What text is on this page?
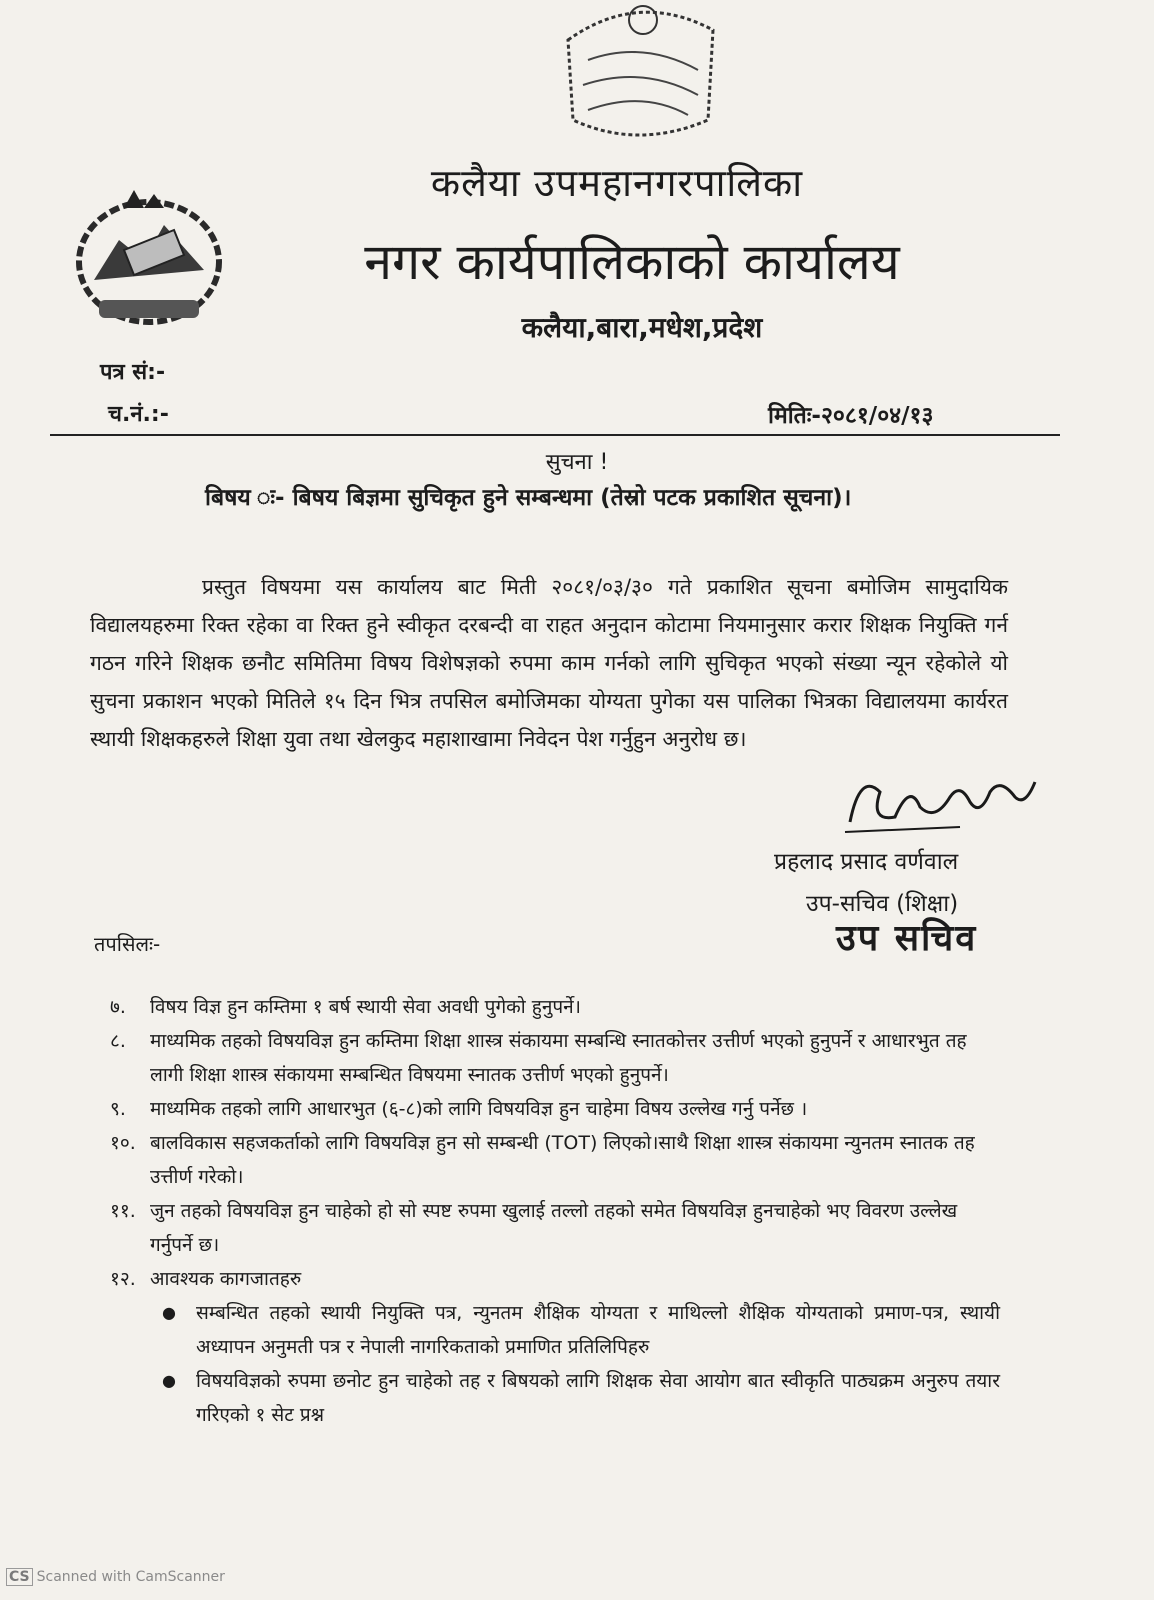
कलैया उपमहानगरपालिका
नगर कार्यपालिकाको कार्यालय
कलैया,बारा,मधेश,प्रदेश
पत्र सं:-
च.नं.:-	मितिः-२०८१/०४/१३
सुचना !
बिषय ः- बिषय बिज्ञमा सुचिकृत हुने सम्बन्धमा (तेस्रो पटक प्रकाशित सूचना)।
प्रस्तुत विषयमा यस कार्यालय बाट मिती २०८१/०३/३० गते प्रकाशित सूचना बमोजिम सामुदायिक विद्यालयहरुमा रिक्त रहेका वा रिक्त हुने स्वीकृत दरबन्दी वा राहत अनुदान कोटामा नियमानुसार करार शिक्षक नियुक्ति गर्न गठन गरिने शिक्षक छनौट समितिमा विषय विशेषज्ञको रुपमा काम गर्नको लागि सुचिकृत भएको संख्या न्यून रहेकोले यो सुचना प्रकाशन भएको मितिले १५ दिन भित्र तपसिल बमोजिमका योग्यता पुगेका यस पालिका भित्रका विद्यालयमा कार्यरत स्थायी शिक्षकहरुले शिक्षा युवा तथा खेलकुद महाशाखामा निवेदन पेश गर्नुहुन अनुरोध छ।
प्रहलाद प्रसाद वर्णवाल
उप-सचिव (शिक्षा)
उप सचिव
तपसिलः-
७.	विषय विज्ञ हुन कम्तिमा १ बर्ष स्थायी सेवा अवधी पुगेको हुनुपर्ने।
८.	माध्यमिक तहको विषयविज्ञ हुन कम्तिमा शिक्षा शास्त्र संकायमा सम्बन्धि स्नातकोत्तर उत्तीर्ण भएको हुनुपर्ने र आधारभुत तह लागी शिक्षा शास्त्र संकायमा सम्बन्धित विषयमा स्नातक उत्तीर्ण भएको हुनुपर्ने।
९.	माध्यमिक तहको लागि आधारभुत (६-८)को लागि विषयविज्ञ हुन चाहेमा विषय उल्लेख गर्नु पर्नेछ ।
१०. बालविकास सहजकर्ताको लागि विषयविज्ञ हुन सो सम्बन्धी (TOT) लिएको।साथै शिक्षा शास्त्र संकायमा न्युनतम स्नातक तह उत्तीर्ण गरेको।
११. जुन तहको विषयविज्ञ हुन चाहेको हो सो स्पष्ट रुपमा खुलाई तल्लो तहको समेत विषयविज्ञ हुनचाहेको भए विवरण उल्लेख गर्नुपर्ने छ।
१२. आवश्यक कागजातहरु
●	सम्बन्धित तहको स्थायी नियुक्ति पत्र, न्युनतम शैक्षिक योग्यता र माथिल्लो शैक्षिक योग्यताको प्रमाण-पत्र, स्थायी अध्यापन अनुमती पत्र र नेपाली नागरिकताको प्रमाणित प्रतिलिपिहरु
●	विषयविज्ञको रुपमा छनोट हुन चाहेको तह र बिषयको लागि शिक्षक सेवा आयोग बात स्वीकृति पाठ्यक्रम अनुरुप तयार गरिएको १ सेट प्रश्न
CS Scanned with CamScanner
